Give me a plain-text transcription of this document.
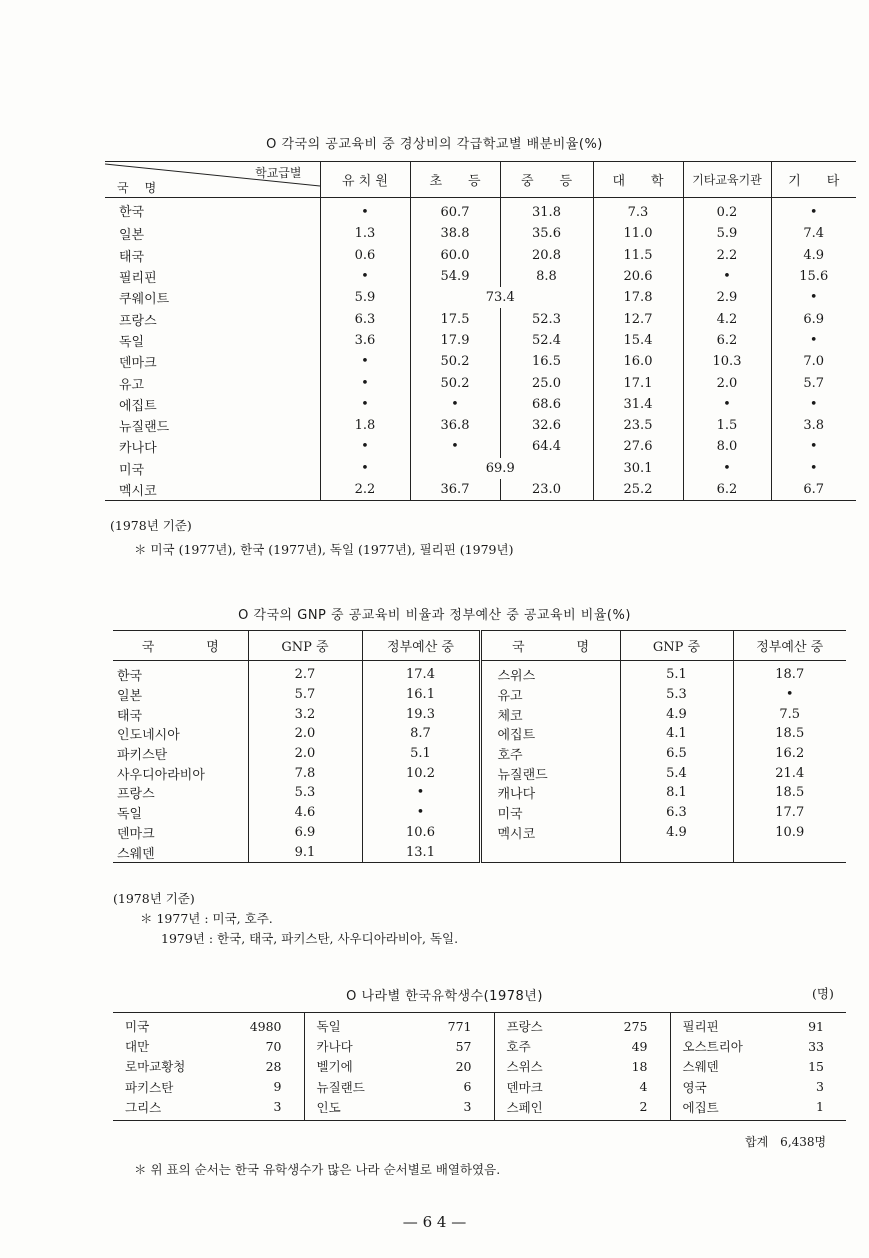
O 각국의 공교육비 중 경상비의 각급학교별 배분비율(%)
학교급별
국명	유 치 원	초　　등	중　　등	대　　학	기타교육기관	기　　타
한국	•	60.7	31.8	7.3	0.2	•
일본	1.3	38.8	35.6	11.0	5.9	7.4
태국	0.6	60.0	20.8	11.5	2.2	4.9
필리핀	•	54.9	8.8	20.6	•	15.6
쿠웨이트	5.9	73.4		17.8	2.9	•
프랑스	6.3	17.5	52.3	12.7	4.2	6.9
독일	3.6	17.9	52.4	15.4	6.2	•
덴마크	•	50.2	16.5	16.0	10.3	7.0
유고	•	50.2	25.0	17.1	2.0	5.7
에집트	•	•	68.6	31.4	•	•
뉴질랜드	1.8	36.8	32.6	23.5	1.5	3.8
카나다	•	•	64.4	27.6	8.0	•
미국	•	69.9		30.1	•	•
멕시코	2.2	36.7	23.0	25.2	6.2	6.7
(1978년 기준)
＊ 미국 (1977년), 한국 (1977년), 독일 (1977년), 필리핀 (1979년)
O 각국의 GNP 중 공교육비 비율과 정부예산 중 공교육비 비율(%)
국　　　　명	GNP 중	정부예산 중	국　　　　명	GNP 중	정부예산 중
한국	2.7	17.4	스위스	5.1	18.7
일본	5.7	16.1	유고	5.3	•
태국	3.2	19.3	체코	4.9	7.5
인도네시아	2.0	8.7	에집트	4.1	18.5
파키스탄	2.0	5.1	호주	6.5	16.2
사우디아라비아	7.8	10.2	뉴질랜드	5.4	21.4
프랑스	5.3	•	캐나다	8.1	18.5
독일	4.6	•	미국	6.3	17.7
덴마크	6.9	10.6	멕시코	4.9	10.9
스웨덴	9.1	13.1			
(1978년 기준)
＊ 1977년 : 미국, 호주.
1979년 : 한국, 태국, 파키스탄, 사우디아라비아, 독일.
O 나라별 한국유학생수(1978년)	(명)
미국	4980	독일	771	프랑스	275	필리핀	91
대만	70	카나다	57	호주	49	오스트리아	33
로마교황청	28	벨기에	20	스위스	18	스웨덴	15
파키스탄	9	뉴질랜드	6	덴마크	4	영국	3
그리스	3	인도	3	스페인	2	에집트	1
합계　6,438명
＊ 위 표의 순서는 한국 유학생수가 많은 나라 순서별로 배열하였음.
— 6 4 —
